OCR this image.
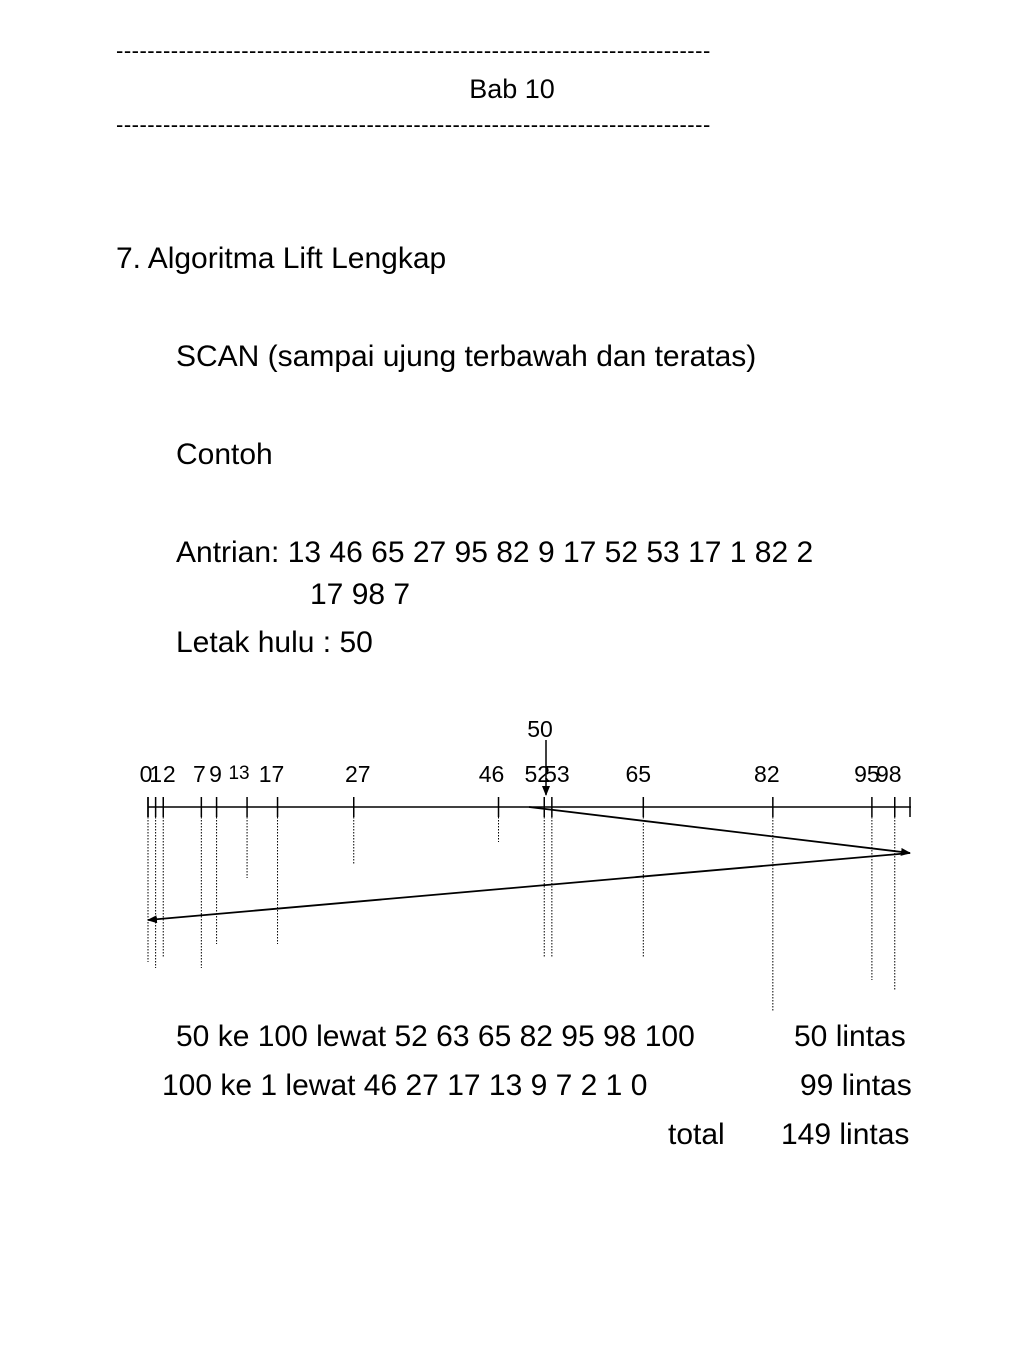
----------------------------------------------------------------------------
Bab 10
----------------------------------------------------------------------------
7. Algoritma Lift Lengkap
SCAN (sampai ujung terbawah dan teratas)
Contoh
Antrian: 13 46 65 27 95 82 9 17 52 53 17 1 82 2
17 98 7
Letak hulu : 50
0
1 2 7 9 13 17	27	46 52
53 65	82	95
98
50
50 ke 100 lewat 52 63 65 82 95 98 100	50 lintas
100 ke 1 lewat 46 27 17 13 9 7 2 1 0	99 lintas
total 149 lintas
